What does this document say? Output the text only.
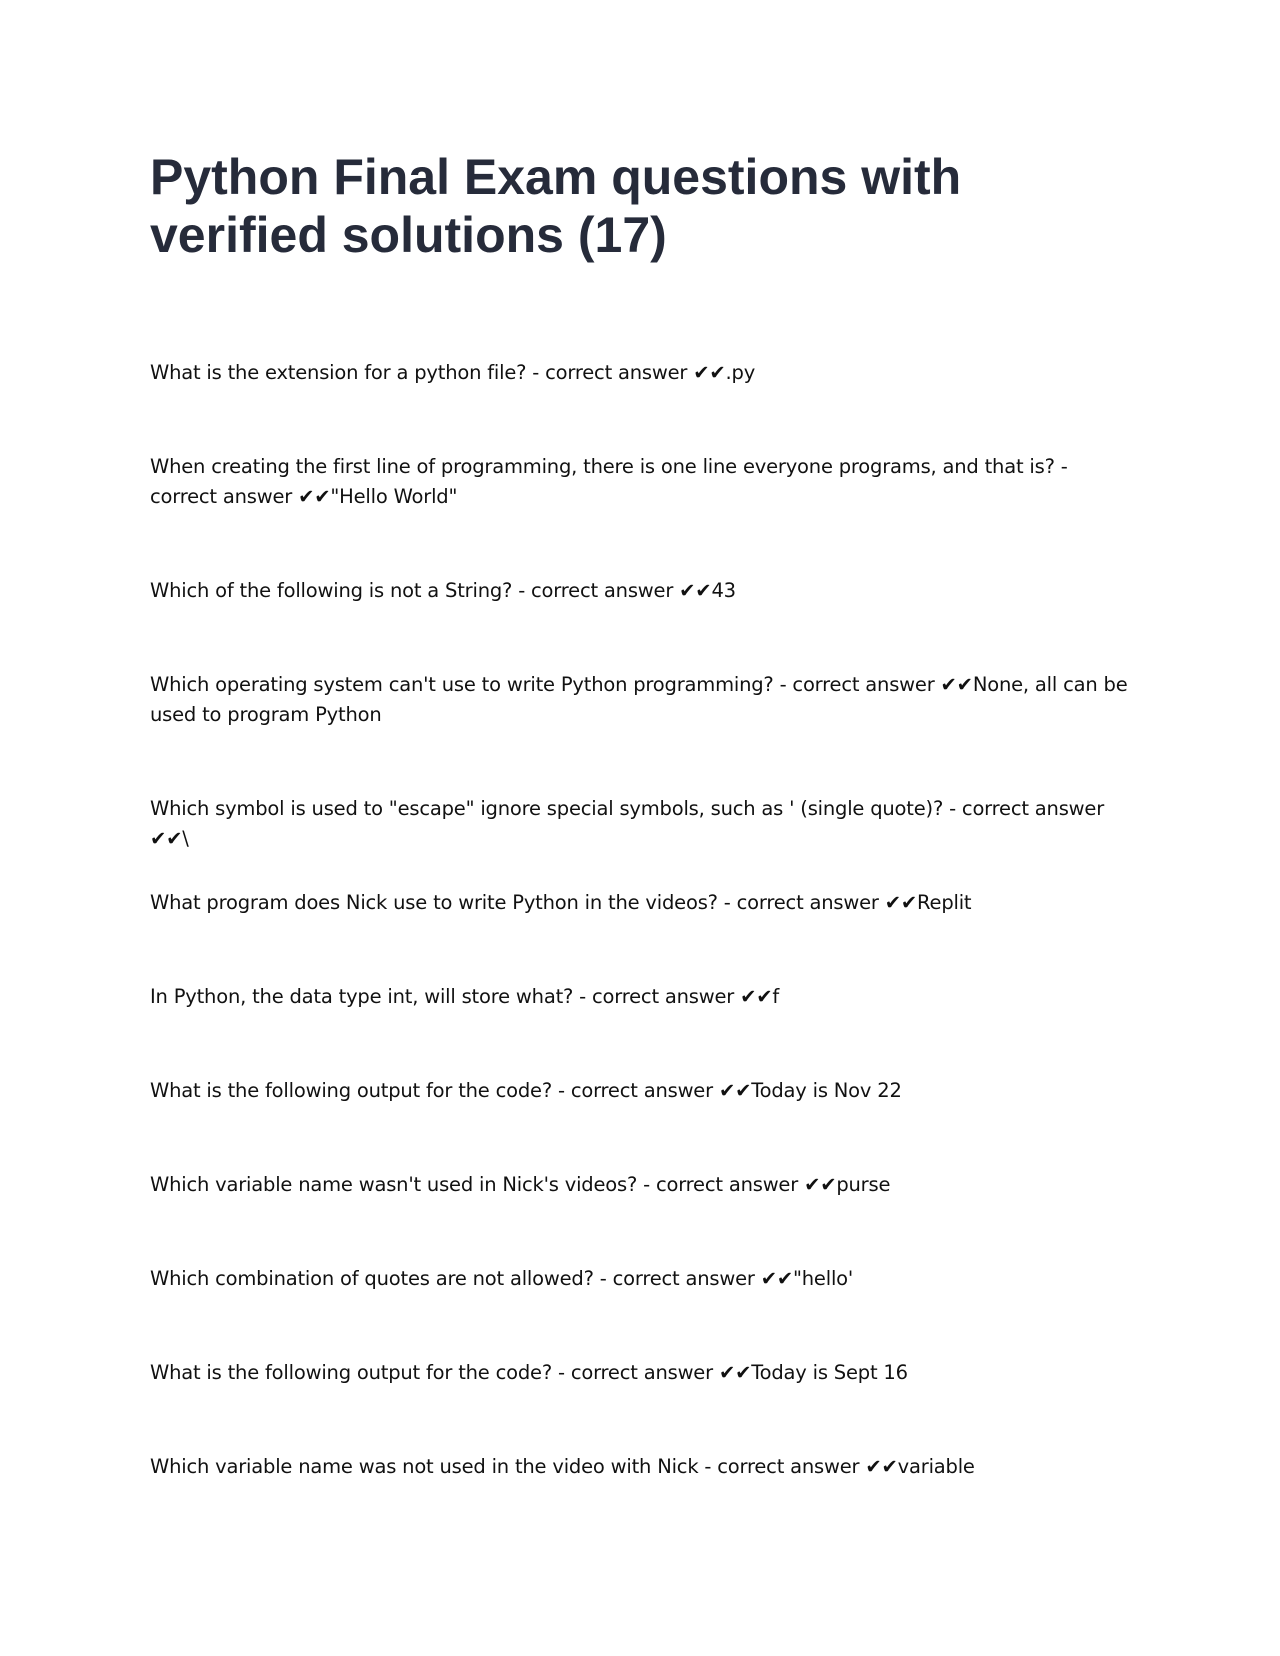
Python Final Exam questions with verified solutions (17)

What is the extension for a python file? - correct answer ✔✔.py

When creating the first line of programming, there is one line everyone programs, and that is? - correct answer ✔✔"Hello World"

Which of the following is not a String? - correct answer ✔✔43

Which operating system can't use to write Python programming? - correct answer ✔✔None, all can be used to program Python

Which symbol is used to "escape" ignore special symbols, such as ' (single quote)? - correct answer ✔✔\

What program does Nick use to write Python in the videos? - correct answer ✔✔Replit

In Python, the data type int, will store what? - correct answer ✔✔f

What is the following output for the code? - correct answer ✔✔Today is Nov 22

Which variable name wasn't used in Nick's videos? - correct answer ✔✔purse

Which combination of quotes are not allowed? - correct answer ✔✔"hello'

What is the following output for the code? - correct answer ✔✔Today is Sept 16

Which variable name was not used in the video with Nick - correct answer ✔✔variable
